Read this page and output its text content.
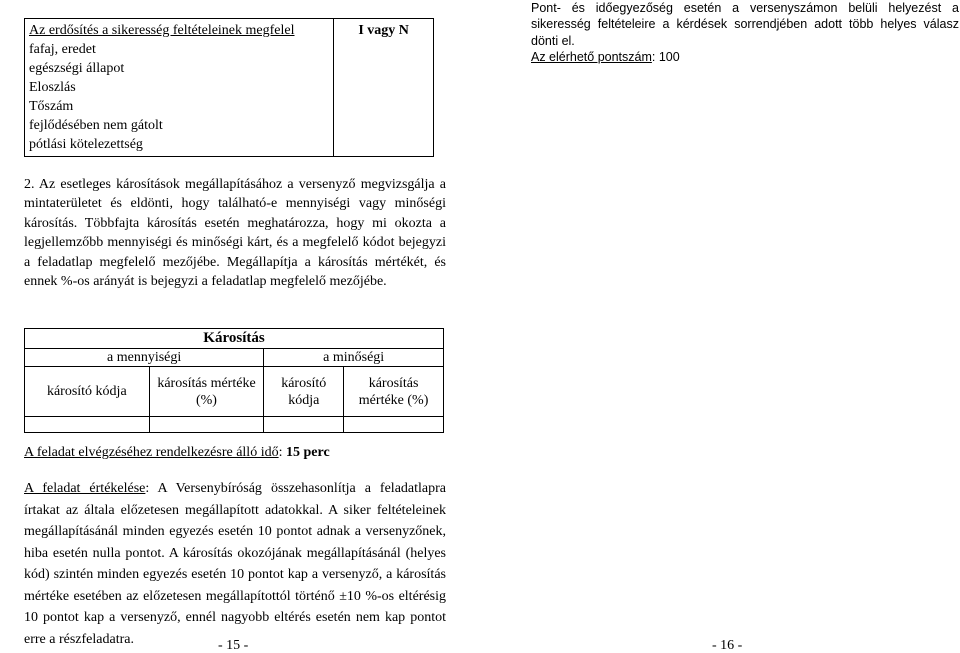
Az erdősítés a sikeresség feltételeinek megfelel
fafaj, eredet
egészségi állapot
Eloszlás
Tőszám
fejlődésében nem gátolt
pótlási kötelezettség
	I vagy N

2. Az esetleges károsítások megállapításához a versenyző megvizsgálja a mintaterületet és eldönti, hogy található-e mennyiségi vagy minőségi károsítás. Többfajta károsítás esetén meghatározza, hogy mi okozta a legjellemzőbb mennyiségi és minőségi kárt, és a megfelelő kódot bejegyzi a feladatlap megfelelő mezőjébe. Megállapítja a károsítás mértékét, és ennek %-os arányát is bejegyzi a feladatlap megfelelő mezőjébe.

Károsítás			
a mennyiségi		a minőségi	
károsító kódja	károsítás mértéke (%)	károsító kódja	károsítás mértéke (%)

A feladat elvégzéséhez rendelkezésre álló idő: 15 perc

A feladat értékelése: A Versenybíróság összehasonlítja a feladatlapra írtakat az általa előzetesen megállapított adatokkal. A siker feltételeinek megállapításánál minden egyezés esetén 10 pontot adnak a versenyzőnek, hiba esetén nulla pontot. A károsítás okozójának megállapításánál (helyes kód) szintén minden egyezés esetén 10 pontot kap a versenyző, a károsítás mértéke esetében az előzetesen megállapítottól történő ±10 %-os eltérésig 10 pontot kap a versenyző, ennél nagyobb eltérés esetén nem kap pontot erre a részfeladatra.	- 15 -

Pont- és időegyezőség esetén a versenyszámon belüli helyezést a sikeresség feltételeire a kérdések sorrendjében adott több helyes válasz dönti el.

Az elérhető pontszám: 100

- 16 -
